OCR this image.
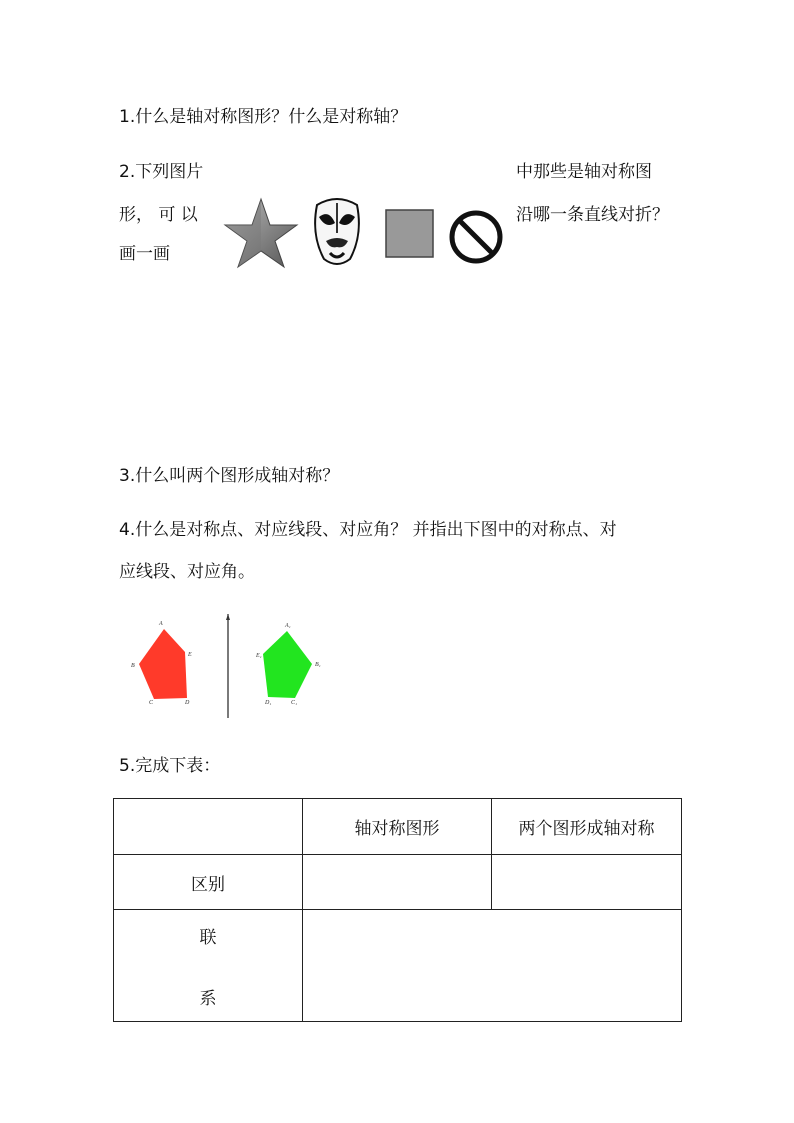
1.什么是轴对称图形？什么是对称轴？
2.下列图片	中那些是轴对称图
形， 可 以	沿哪一条直线对折？
画一画
3.什么叫两个图形成轴对称？
4.什么是对称点、对应线段、对应角？ 并指出下图中的对称点、对
应线段、对应角。
A
B
C	D
E
A₁
B₁
C₁
D₁
E₁
5.完成下表：
	轴对称图形	两个图形成轴对称
区别		

联
系		
